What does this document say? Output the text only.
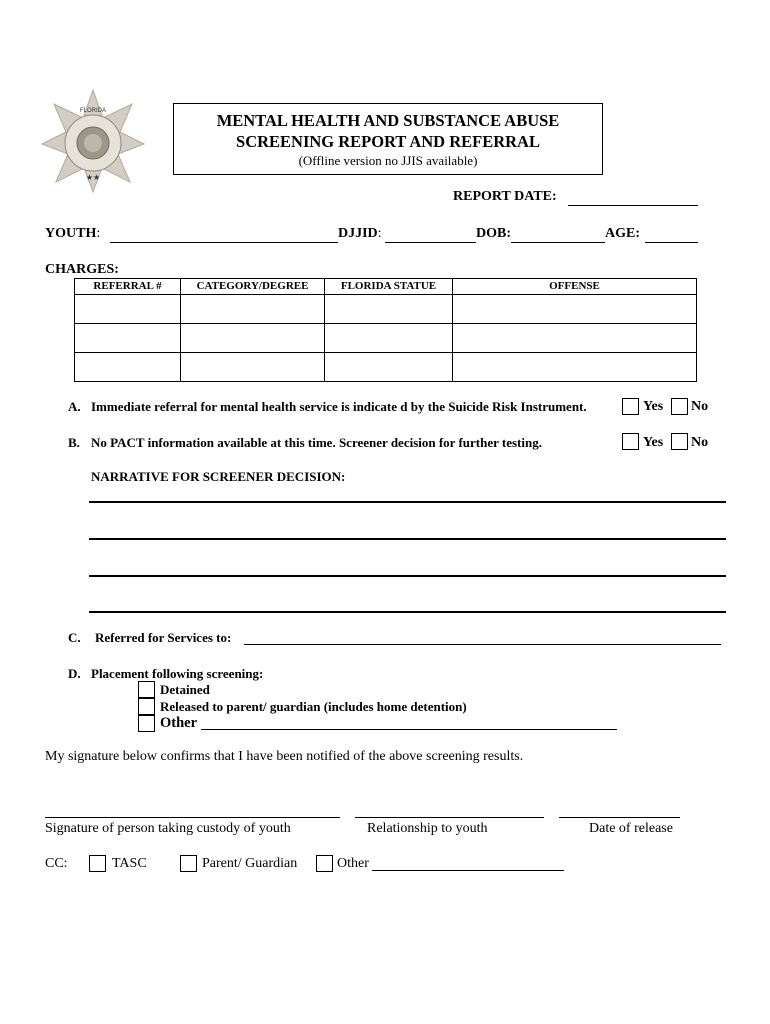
FLORIDA
★★
MENTAL HEALTH AND SUBSTANCE ABUSE
SCREENING REPORT AND REFERRAL
(Offline version no JJIS available)
REPORT DATE:
YOUTH:	DJJID:	DOB:	AGE:
CHARGES:
REFERRAL #	CATEGORY/DEGREE	FLORIDA STATUE	OFFENSE

A. Immediate referral for mental health service is indicate d by the Suicide Risk Instrument.	Yes No
B. No PACT information available at this time. Screener decision for further testing.	Yes No
NARRATIVE FOR SCREENER DECISION:
C. Referred for Services to:
D. Placement following screening:
Detained
Released to parent/ guardian (includes home detention)
Other
My signature below confirms that I have been notified of the above screening results.
Signature of person taking custody of youth	Relationship to youth	Date of release
CC:	TASC	Parent/ Guardian	Other
